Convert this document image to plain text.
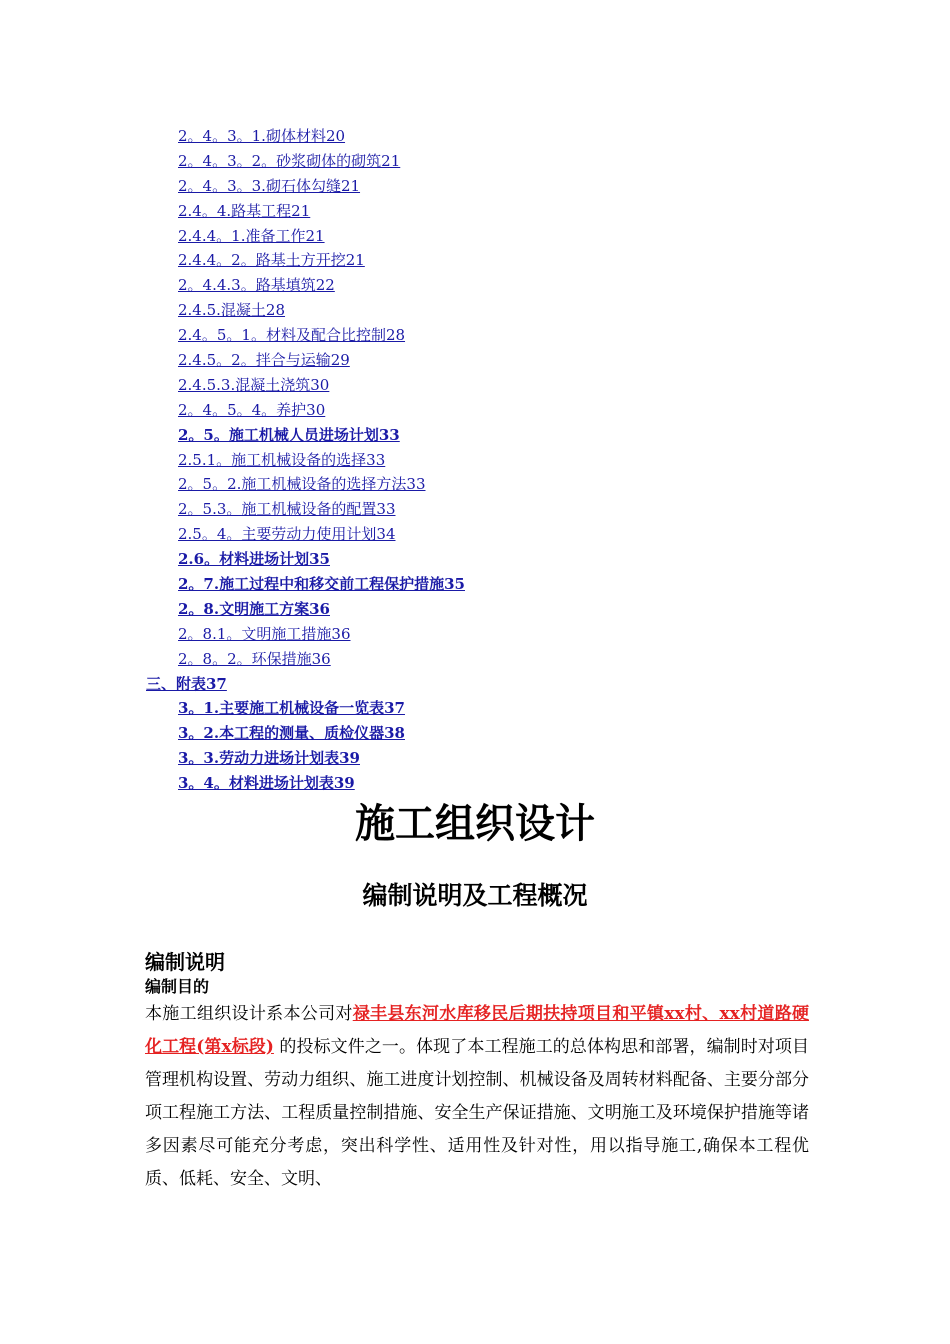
2。4。3。1.砌体材料20
2。4。3。2。砂浆砌体的砌筑21
2。4。3。3.砌石体勾缝21
2.4。4.路基工程21
2.4.4。1.准备工作21
2.4.4。2。路基土方开挖21
2。4.4.3。路基填筑22
2.4.5.混凝土28
2.4。5。1。材料及配合比控制28
2.4.5。2。拌合与运输29
2.4.5.3.混凝土浇筑30
2。4。5。4。养护30
2。5。施工机械人员进场计划33
2.5.1。施工机械设备的选择33
2。5。2.施工机械设备的选择方法33
2。5.3。施工机械设备的配置33
2.5。4。主要劳动力使用计划34
2.6。材料进场计划35
2。7.施工过程中和移交前工程保护措施35
2。8.文明施工方案36
2。8.1。文明施工措施36
2。8。2。环保措施36
三、附表37
3。1.主要施工机械设备一览表37
3。2.本工程的测量、质检仪器38
3。3.劳动力进场计划表39
3。4。材料进场计划表39
施工组织设计
编制说明及工程概况
编制说明
编制目的
本施工组织设计系本公司对禄丰县东河水库移民后期扶持项目和平镇xx村、xx村道路硬化工程(第x标段) 的投标文件之一。体现了本工程施工的总体构思和部署，编制时对项目管理机构设置、劳动力组织、施工进度计划控制、机械设备及周转材料配备、主要分部分项工程施工方法、工程质量控制措施、安全生产保证措施、文明施工及环境保护措施等诸多因素尽可能充分考虑，突出科学性、适用性及针对性，用以指导施工,确保本工程优质、低耗、安全、文明、
